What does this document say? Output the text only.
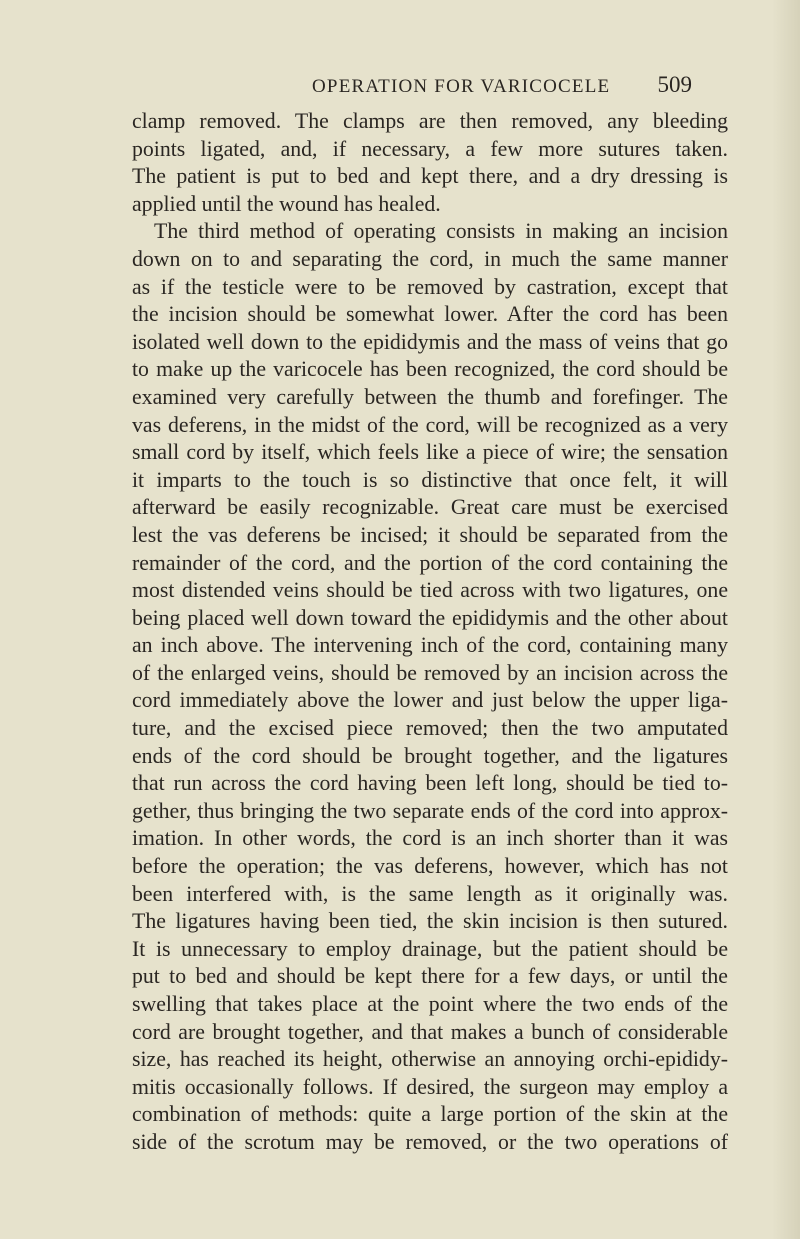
OPERATION FOR VARICOCELE 509
clamp removed. The clamps are then removed, any bleeding
points ligated, and, if necessary, a few more sutures taken.
The patient is put to bed and kept there, and a dry dressing is
applied until the wound has healed.
The third method of operating consists in making an incision
down on to and separating the cord, in much the same manner
as if the testicle were to be removed by castration, except that
the incision should be somewhat lower. After the cord has been
isolated well down to the epididymis and the mass of veins that go
to make up the varicocele has been recognized, the cord should be
examined very carefully between the thumb and forefinger. The
vas deferens, in the midst of the cord, will be recognized as a very
small cord by itself, which feels like a piece of wire; the sensation
it imparts to the touch is so distinctive that once felt, it will
afterward be easily recognizable. Great care must be exercised
lest the vas deferens be incised; it should be separated from the
remainder of the cord, and the portion of the cord containing the
most distended veins should be tied across with two ligatures, one
being placed well down toward the epididymis and the other about
an inch above. The intervening inch of the cord, containing many
of the enlarged veins, should be removed by an incision across the
cord immediately above the lower and just below the upper liga-
ture, and the excised piece removed; then the two amputated
ends of the cord should be brought together, and the ligatures
that run across the cord having been left long, should be tied to-
gether, thus bringing the two separate ends of the cord into approx-
imation. In other words, the cord is an inch shorter than it was
before the operation; the vas deferens, however, which has not
been interfered with, is the same length as it originally was.
The ligatures having been tied, the skin incision is then sutured.
It is unnecessary to employ drainage, but the patient should be
put to bed and should be kept there for a few days, or until the
swelling that takes place at the point where the two ends of the
cord are brought together, and that makes a bunch of considerable
size, has reached its height, otherwise an annoying orchi-epididy-
mitis occasionally follows. If desired, the surgeon may employ a
combination of methods: quite a large portion of the skin at the
side of the scrotum may be removed, or the two operations of
